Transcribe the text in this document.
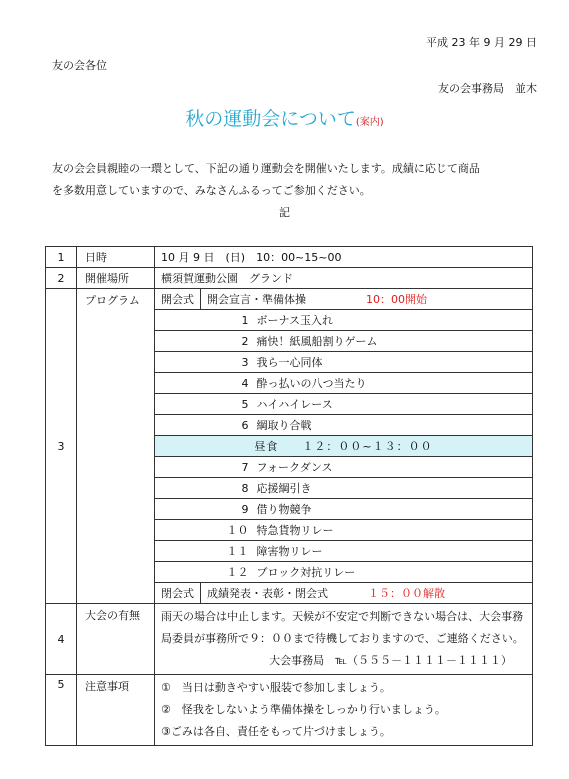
平成 23 年 9 月 29 日
友の会各位
友の会事務局　並木
秋の運動会について(案内)
友の会会員親睦の一環として、下記の通り運動会を開催いたします。成績に応じて商品
を多数用意していますので、みなさんふるってご参加ください。
記
1	日時	10 月 9 日　(日)　10：00~15~00		
2	開催場所	横須賀運動公園　グランド		
3	プログラム	開会式	開会宣言・準備体操 10：00開始	
		1		ボーナス玉入れ
		2		痛快！紙風船割りゲーム
		3		我ら一心同体
		4		酔っ払いの八つ当たり
		5		ハイハイレース
		6		綱取り合戦
		昼食　　１２：００~１３：００		
		7		フォークダンス
		8		応援綱引き
		9		借り物競争
		１０		特急貨物リレー
		１１		障害物リレー
		１２		ブロック対抗リレー
		閉会式	成績発表・表彰・閉会式 １５：００解散	
4	大会の有無	雨天の場合は中止します。天候が不安定で判断できない場合は、大会事務局委員が事務所で９：００まで待機しておりますので、ご連絡ください。
大会事務局　℡（５５５－１１１１－１１１１）		

5	注意事項	①　当日は動きやすい服装で参加しましょう。
②　怪我をしないよう準備体操をしっかり行いましょう。
③ごみは各自、責任をもって片づけましょう。		
